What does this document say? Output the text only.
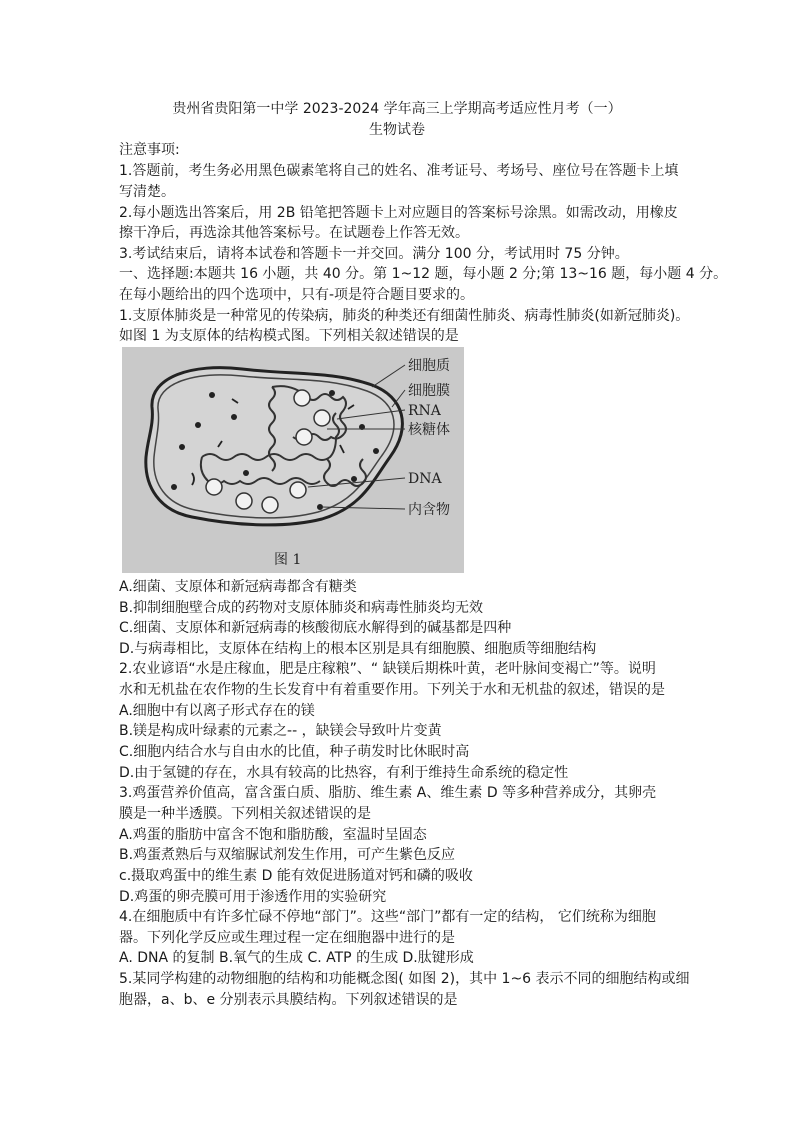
贵州省贵阳第一中学 2023-2024 学年高三上学期高考适应性月考（一）
生物试卷
注意事项:
1.答题前，考生务必用黑色碳素笔将自己的姓名、准考证号、考场号、座位号在答题卡上填
写清楚。
2.每小题选出答案后，用 2B 铅笔把答题卡上对应题目的答案标号涂黑。如需改动，用橡皮
擦干净后，再选涂其他答案标号。在试题卷上作答无效。
3.考试结束后，请将本试卷和答题卡一并交回。满分 100 分，考试用时 75 分钟。
一、选择题:本题共 16 小题，共 40 分。第 1~12 题，每小题 2 分;第 13~16 题，每小题 4 分。
在每小题给出的四个选项中，只有-项是符合题目要求的。
1.支原体肺炎是一种常见的传染病，肺炎的种类还有细菌性肺炎、病毒性肺炎(如新冠肺炎)。
如图 1 为支原体的结构模式图。下列相关叙述错误的是
细胞质
细胞膜
RNA
核糖体
DNA
内含物
图 1
A.细菌、支原体和新冠病毒都含有糖类
B.抑制细胞壁合成的药物对支原体肺炎和病毒性肺炎均无效
C.细菌、支原体和新冠病毒的核酸彻底水解得到的碱基都是四种
D.与病毒相比，支原体在结构上的根本区别是具有细胞膜、细胞质等细胞结构
2.农业谚语“水是庄稼血，肥是庄稼粮”、“ 缺镁后期株叶黄，老叶脉间变褐亡”等。说明
水和无机盐在农作物的生长发育中有着重要作用。下列关于水和无机盐的叙述，错误的是
A.细胞中有以离子形式存在的镁
B.镁是构成叶绿素的元素之-- ，缺镁会导致叶片变黄
C.细胞内结合水与自由水的比值，种子萌发时比休眠时高
D.由于氢键的存在，水具有较高的比热容，有利于维持生命系统的稳定性
3.鸡蛋营养价值高，富含蛋白质、脂肪、维生素 A、维生素 D 等多种营养成分，其卵壳
膜是一种半透膜。下列相关叙述错误的是
A.鸡蛋的脂肪中富含不饱和脂肪酸，室温时呈固态
B.鸡蛋煮熟后与双缩脲试剂发生作用，可产生紫色反应
c.摄取鸡蛋中的维生素 D 能有效促进肠道对钙和磷的吸收
D.鸡蛋的卵壳膜可用于渗透作用的实验研究
4.在细胞质中有许多忙碌不停地“部门”。这些“部门”都有一定的结构， 它们统称为细胞
器。下列化学反应或生理过程一定在细胞器中进行的是
A. DNA 的复制 B.氧气的生成 C. ATP 的生成 D.肽键形成
5.某同学构建的动物细胞的结构和功能概念图( 如图 2)，其中 1~6 表示不同的细胞结构或细
胞器，a、b、e 分别表示具膜结构。下列叙述错误的是
